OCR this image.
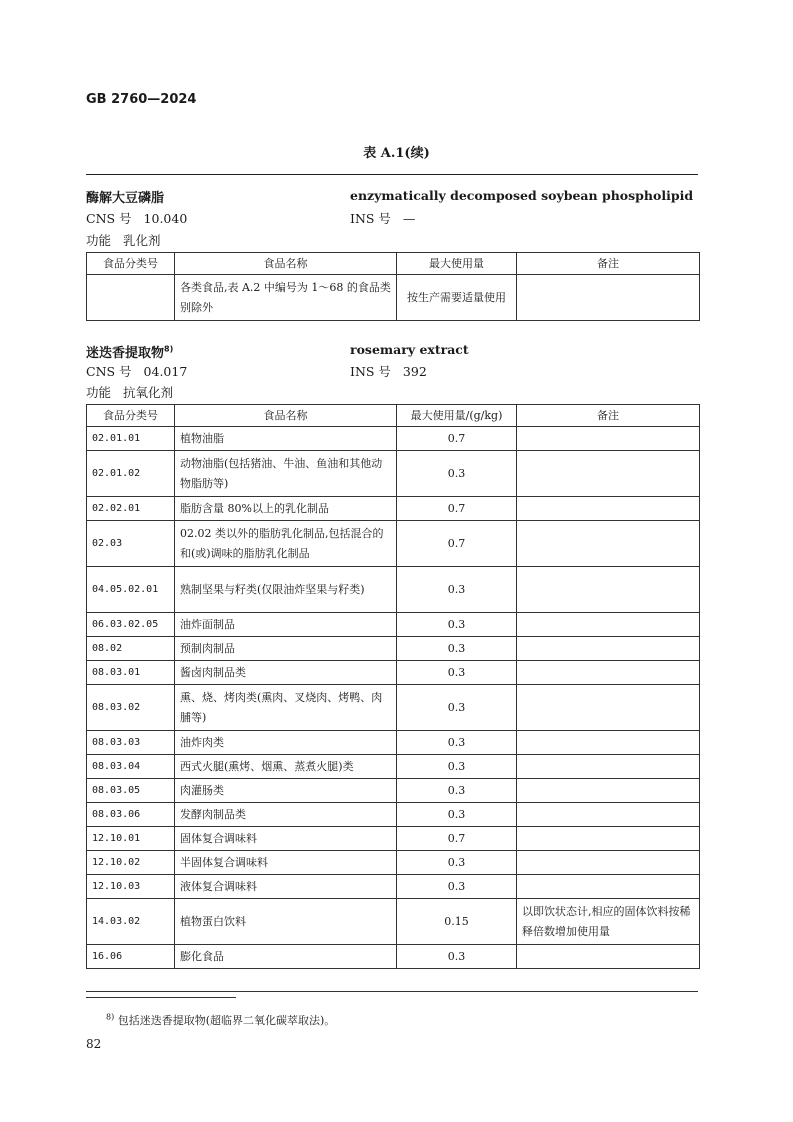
GB 2760—2024
表 A.1(续)
酶解大豆磷脂	enzymatically decomposed soybean phospholipid
CNS 号 10.040	INS 号 —
功能 乳化剂
食品分类号	食品名称	最大使用量	备注
	各类食品,表 A.2 中编号为 1～68 的食品类别除外	按生产需要适量使用	
迷迭香提取物$^{8)}$	rosemary extract
CNS 号 04.017	INS 号 392
功能 抗氧化剂
食品分类号	食品名称	最大使用量/(g/kg)	备注
02.01.01	植物油脂	0.7	
02.01.02	动物油脂(包括猪油、牛油、鱼油和其他动物脂肪等)	0.3	
02.02.01	脂肪含量 80%以上的乳化制品	0.7	
02.03	02.02 类以外的脂肪乳化制品,包括混合的和(或)调味的脂肪乳化制品	0.7	
04.05.02.01	熟制坚果与籽类(仅限油炸坚果与籽类)	0.3	
06.03.02.05	油炸面制品	0.3	
08.02	预制肉制品	0.3	
08.03.01	酱卤肉制品类	0.3	
08.03.02	熏、烧、烤肉类(熏肉、叉烧肉、烤鸭、肉脯等)	0.3	
08.03.03	油炸肉类	0.3	
08.03.04	西式火腿(熏烤、烟熏、蒸煮火腿)类	0.3	
08.03.05	肉灌肠类	0.3	
08.03.06	发酵肉制品类	0.3	
12.10.01	固体复合调味料	0.7	
12.10.02	半固体复合调味料	0.3	
12.10.03	液体复合调味料	0.3	
14.03.02	植物蛋白饮料	0.15	以即饮状态计,相应的固体饮料按稀释倍数增加使用量
16.06	膨化食品	0.3	
$^{8)}$ 包括迷迭香提取物(超临界二氧化碳萃取法)。
82
